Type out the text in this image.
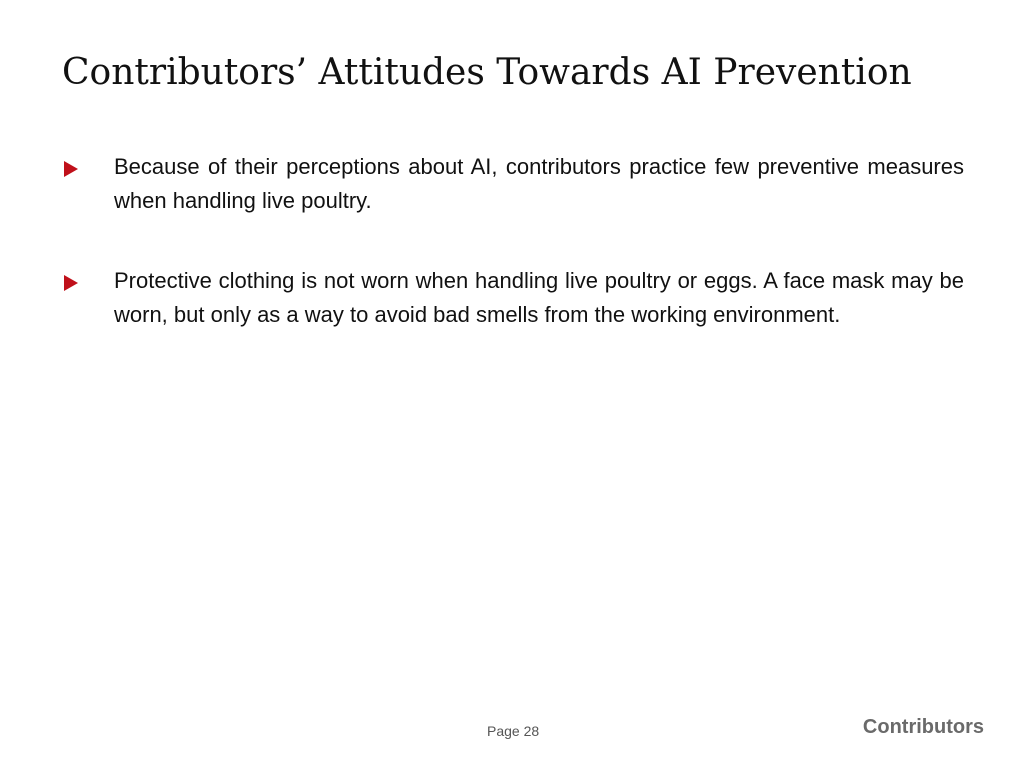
Contributors’ Attitudes Towards AI Prevention
Because of their perceptions about AI, contributors practice few preventive measures when handling live poultry.
Protective clothing is not worn when handling live poultry or eggs. A face mask may be worn, but only as a way to avoid bad smells from the working environment.
Page 28	Contributors
